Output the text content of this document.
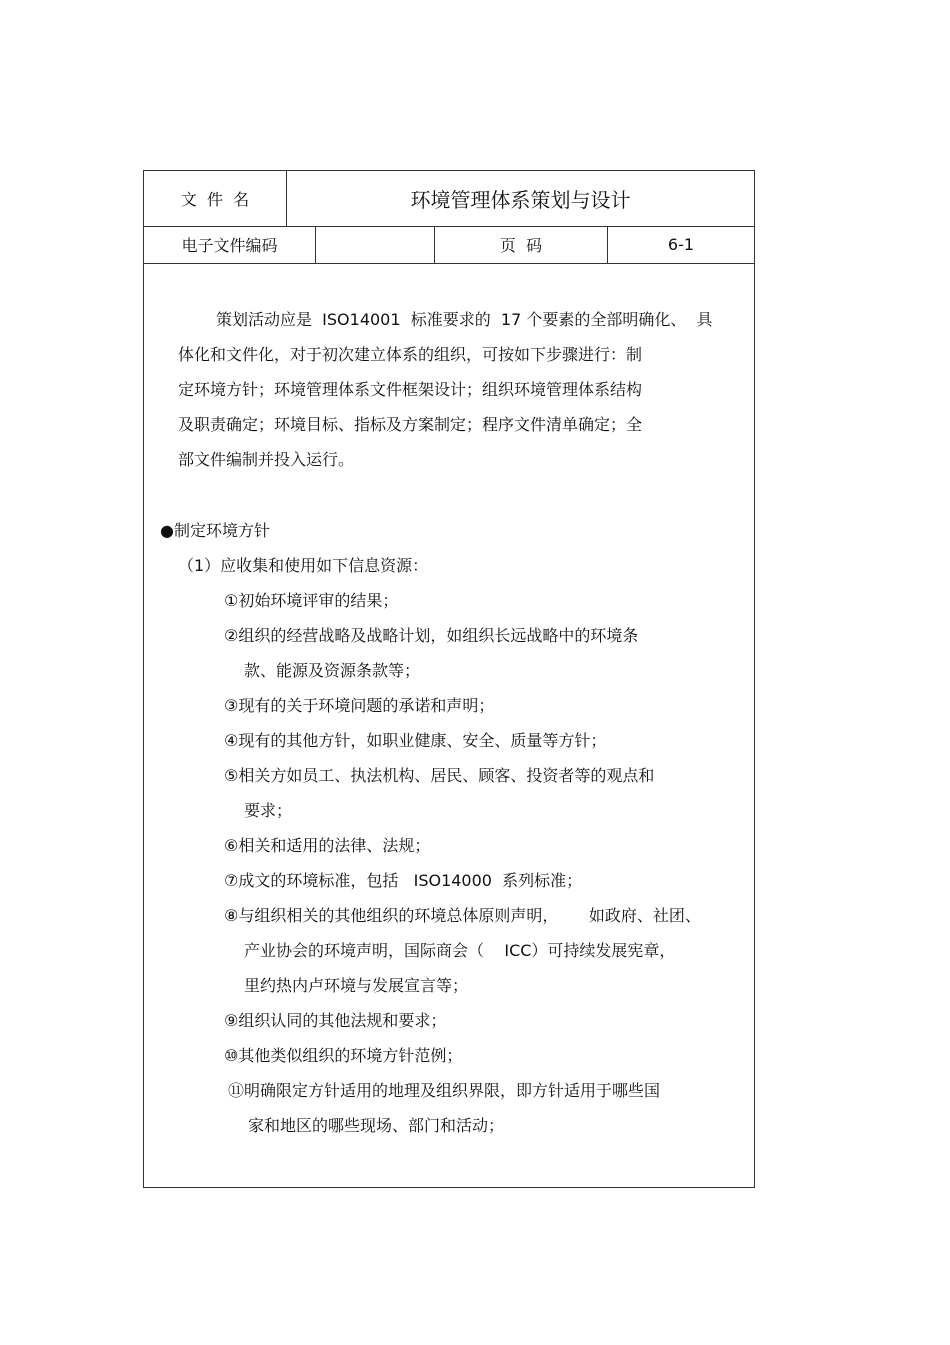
文  件  名	环境管理体系策划与设计
电子文件编码	页  码	6-1
策划活动应是  ISO14001  标准要求的  17 个要素的全部明确化、  具
体化和文件化，对于初次建立体系的组织，可按如下步骤进行：制
定环境方针；环境管理体系文件框架设计；组织环境管理体系结构
及职责确定；环境目标、指标及方案制定；程序文件清单确定；全
部文件编制并投入运行。
●制定环境方针
（1）应收集和使用如下信息资源：
①初始环境评审的结果；
②组织的经营战略及战略计划，如组织长远战略中的环境条
款、能源及资源条款等；
③现有的关于环境问题的承诺和声明；
④现有的其他方针，如职业健康、安全、质量等方针；
⑤相关方如员工、执法机构、居民、顾客、投资者等的观点和
要求；
⑥相关和适用的法律、法规；
⑦成文的环境标准，包括   ISO14000  系列标准；
⑧与组织相关的其他组织的环境总体原则声明，      如政府、社团、
产业协会的环境声明，国际商会（    ICC）可持续发展宪章，
里约热内卢环境与发展宣言等；
⑨组织认同的其他法规和要求；
⑩其他类似组织的环境方针范例；
⑪明确限定方针适用的地理及组织界限，即方针适用于哪些国
家和地区的哪些现场、部门和活动；
